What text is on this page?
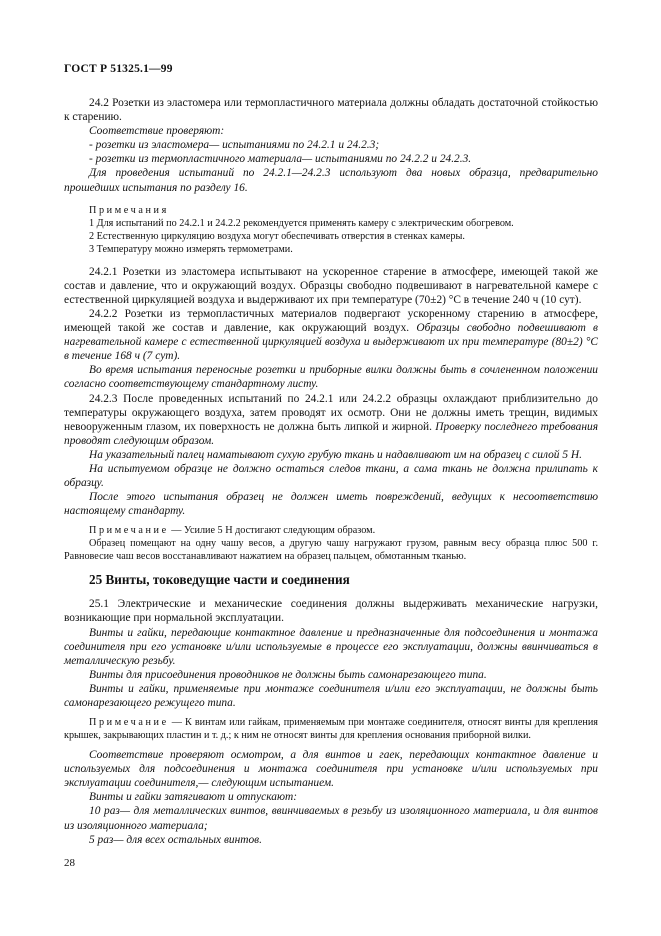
ГОСТ Р 51325.1—99

24.2 Розетки из эластомера или термопластичного материала должны обладать достаточной стойкостью к старению.

Соответствие проверяют:

- розетки из эластомера— испытаниями по 24.2.1 и 24.2.3;

- розетки из термопластичного материала— испытаниями по 24.2.2 и 24.2.3.

Для проведения испытаний по 24.2.1—24.2.3 используют два новых образца, предварительно прошедших испытания по разделу 16.

Примечания

1 Для испытаний по 24.2.1 и 24.2.2 рекомендуется применять камеру с электрическим обогревом.

2 Естественную циркуляцию воздуха могут обеспечивать отверстия в стенках камеры.

3 Температуру можно измерять термометрами.

24.2.1 Розетки из эластомера испытывают на ускоренное старение в атмосфере, имеющей такой же состав и давление, что и окружающий воздух. Образцы свободно подвешивают в нагревательной камере с естественной циркуляцией воздуха и выдерживают их при температуре (70±2) °С в течение 240 ч (10 сут).

24.2.2 Розетки из термопластичных материалов подвергают ускоренному старению в атмосфере, имеющей такой же состав и давление, как окружающий воздух. Образцы свободно подвешивают в нагревательной камере с естественной циркуляцией воздуха и выдерживают их при температуре (80±2) °С в течение 168 ч (7 сут).

Во время испытания переносные розетки и приборные вилки должны быть в сочлененном положении согласно соответствующему стандартному листу.

24.2.3 После проведенных испытаний по 24.2.1 или 24.2.2 образцы охлаждают приблизительно до температуры окружающего воздуха, затем проводят их осмотр. Они не должны иметь трещин, видимых невооруженным глазом, их поверхность не должна быть липкой и жирной. Проверку последнего требования проводят следующим образом.

На указательный палец наматывают сухую грубую ткань и надавливают им на образец с силой 5 Н.

На испытуемом образце не должно остаться следов ткани, а сама ткань не должна прилипать к образцу.

После этого испытания образец не должен иметь повреждений, ведущих к несоответствию настоящему стандарту.

Примечание — Усилие 5 Н достигают следующим образом.

Образец помещают на одну чашу весов, а другую чашу нагружают грузом, равным весу образца плюс 500 г. Равновесие чаш весов восстанавливают нажатием на образец пальцем, обмотанным тканью.

25 Винты, токоведущие части и соединения

25.1 Электрические и механические соединения должны выдерживать механические нагрузки, возникающие при нормальной эксплуатации.

Винты и гайки, передающие контактное давление и предназначенные для подсоединения и монтажа соединителя при его установке и/или используемые в процессе его эксплуатации, должны ввинчиваться в металлическую резьбу.

Винты для присоединения проводников не должны быть самонарезающего типа.

Винты и гайки, применяемые при монтаже соединителя и/или его эксплуатации, не должны быть самонарезающего режущего типа.

Примечание — К винтам или гайкам, применяемым при монтаже соединителя, относят винты для крепления крышек, закрывающих пластин и т. д.; к ним не относят винты для крепления основания приборной вилки.

Соответствие проверяют осмотром, а для винтов и гаек, передающих контактное давление и используемых для подсоединения и монтажа соединителя при установке и/или используемых при эксплуатации соединителя,— следующим испытанием.

Винты и гайки затягивают и отпускают:

10 раз— для металлических винтов, ввинчиваемых в резьбу из изоляционного материала, и для винтов из изоляционного материала;

5 раз— для всех остальных винтов.

28
